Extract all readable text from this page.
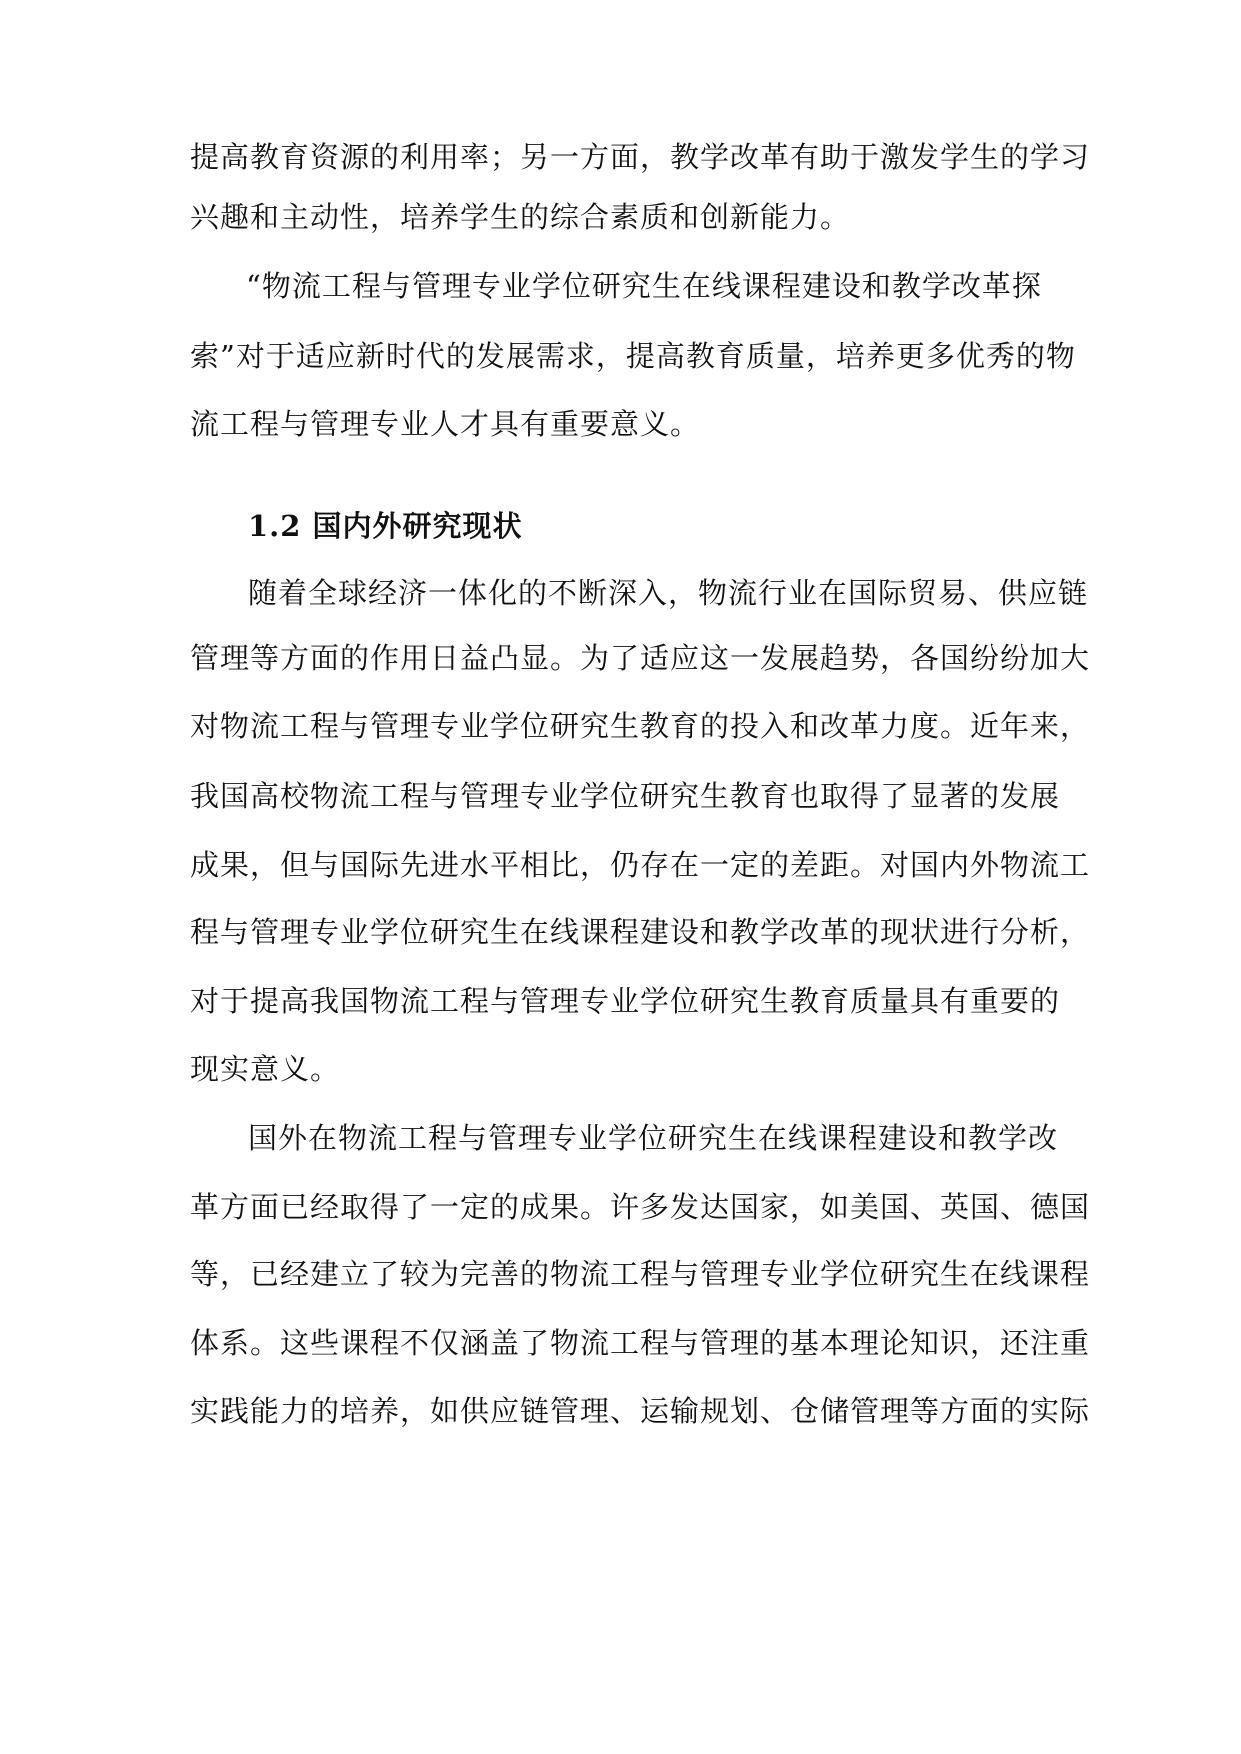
提高教育资源的利用率；另一方面，教学改革有助于激发学生的学习
兴趣和主动性，培养学生的综合素质和创新能力。
“物流工程与管理专业学位研究生在线课程建设和教学改革探
索”对于适应新时代的发展需求，提高教育质量，培养更多优秀的物
流工程与管理专业人才具有重要意义。
1.2 国内外研究现状
随着全球经济一体化的不断深入，物流行业在国际贸易、供应链
管理等方面的作用日益凸显。为了适应这一发展趋势，各国纷纷加大
对物流工程与管理专业学位研究生教育的投入和改革力度。近年来，
我国高校物流工程与管理专业学位研究生教育也取得了显著的发展
成果，但与国际先进水平相比，仍存在一定的差距。对国内外物流工
程与管理专业学位研究生在线课程建设和教学改革的现状进行分析，
对于提高我国物流工程与管理专业学位研究生教育质量具有重要的
现实意义。
国外在物流工程与管理专业学位研究生在线课程建设和教学改
革方面已经取得了一定的成果。许多发达国家，如美国、英国、德国
等，已经建立了较为完善的物流工程与管理专业学位研究生在线课程
体系。这些课程不仅涵盖了物流工程与管理的基本理论知识，还注重
实践能力的培养，如供应链管理、运输规划、仓储管理等方面的实际
